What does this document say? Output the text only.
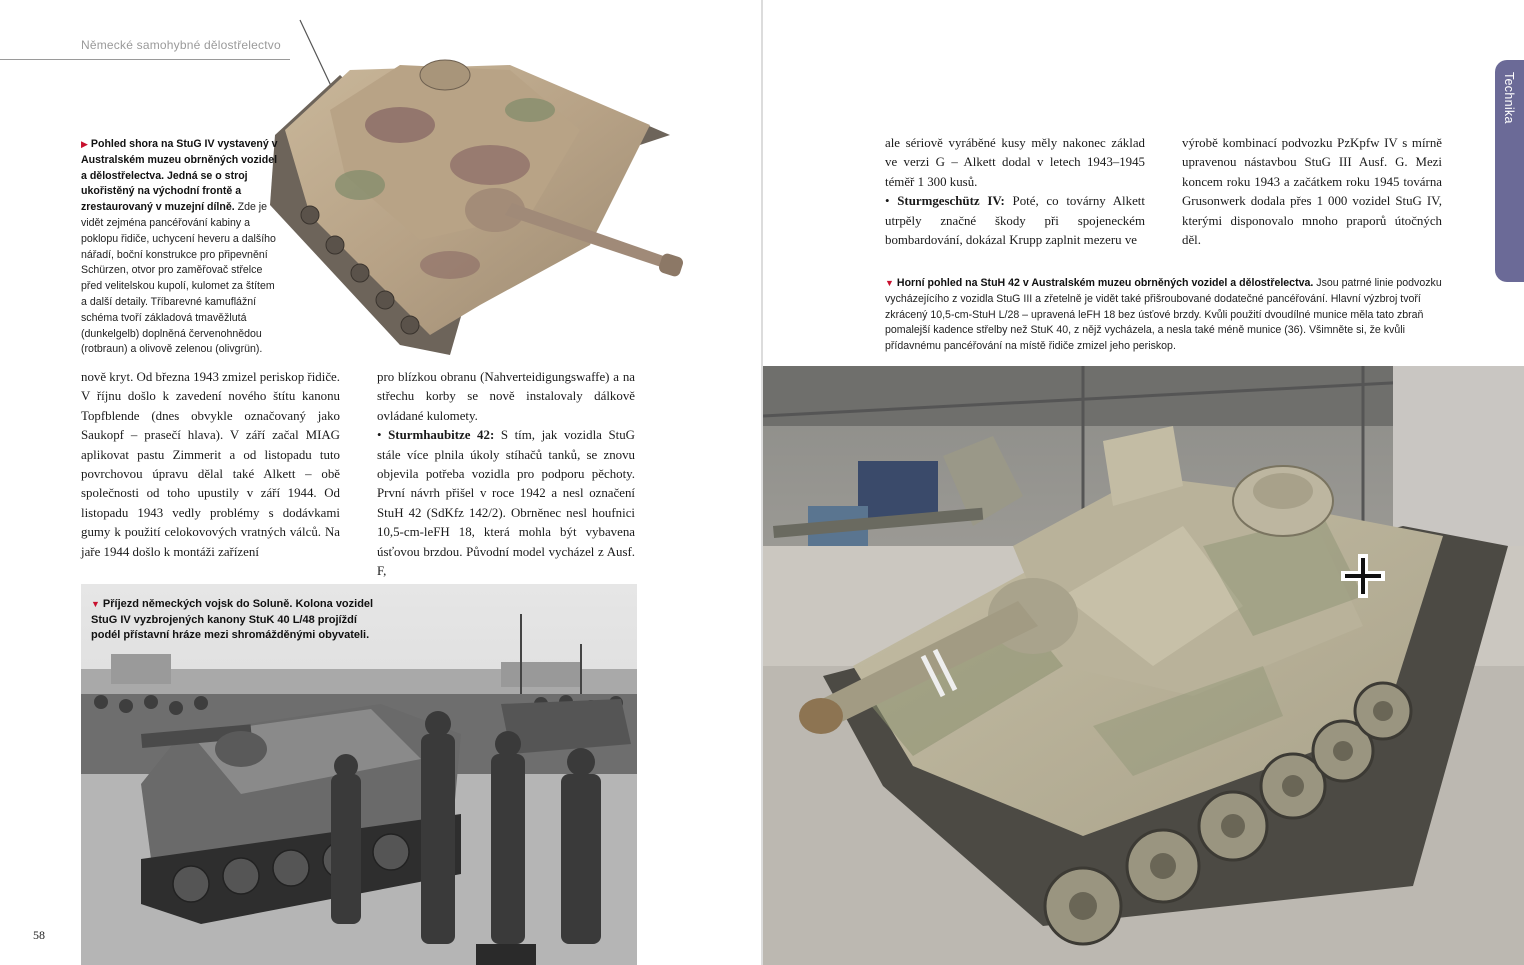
Německé samohybné dělostřelectvo
▶ Pohled shora na StuG IV vystavený v Australském muzeu obrněných vozidel a dělostřelectva. Jedná se o stroj ukořistěný na východní frontě a zrestaurovaný v muzejní dílně. Zde je vidět zejména pancéřování kabiny a poklopu řidiče, uchycení heveru a dalšího nářadí, boční konstrukce pro připevnění Schürzen, otvor pro zaměřovač střelce před velitelskou kupolí, kulomet za štítem a další detaily. Tříbarevné kamuflážní schéma tvoří základová tmavěžlutá (dunkelgelb) doplněná červenohnědou (rotbraun) a olivově zelenou (olivgrün).

nově kryt. Od března 1943 zmizel periskop řidiče. V říjnu došlo k zavedení nového štítu kanonu Topfblende (dnes obvykle označovaný jako Saukopf – prasečí hlava). V září začal MIAG aplikovat pastu Zimmerit a od listopadu tuto povrchovou úpravu dělal také Alkett – obě společnosti od toho upustily v září 1944. Od listopadu 1943 vedly problémy s dodávkami gumy k použití celokovových vratných válců. Na jaře 1944 došlo k montáži zařízení

pro blízkou obranu (Nahverteidigungswaffe) a na střechu korby se nově instalovaly dálkově ovládané kulomety.

• Sturmhaubitze 42: S tím, jak vozidla StuG stále více plnila úkoly stíhačů tanků, se znovu objevila potřeba vozidla pro podporu pěchoty. První návrh přišel v roce 1942 a nesl označení StuH 42 (SdKfz 142/2). Obrněnec nesl houfnici 10,5-cm-leFH 18, která mohla být vybavena úsťovou brzdou. Původní model vycházel z Ausf. F,

▼ Příjezd německých vojsk do Soluně. Kolona vozidel StuG IV vyzbrojených kanony StuK 40 L/48 projíždí podél přístavní hráze mezi shromážděnými obyvateli.
58
Technika

ale sériově vyráběné kusy měly nakonec základ ve verzi G – Alkett dodal v letech 1943–1945 téměř 1 300 kusů.

• Sturmgeschütz IV: Poté, co továrny Alkett utrpěly značné škody při spojeneckém bombardování, dokázal Krupp zaplnit mezeru ve

výrobě kombinací podvozku PzKpfw IV s mírně upravenou nástavbou StuG III Ausf. G. Mezi koncem roku 1943 a začátkem roku 1945 továrna Grusonwerk dodala přes 1 000 vozidel StuG IV, kterými disponovalo mnoho praporů útočných děl.

▼ Horní pohled na StuH 42 v Australském muzeu obrněných vozidel a dělostřelectva. Jsou patrné linie podvozku vycházejícího z vozidla StuG III a zřetelně je vidět také přišroubované dodatečné pancéřování. Hlavní výzbroj tvoří zkrácený 10,5-cm-StuH L/28 – upravená leFH 18 bez úsťové brzdy. Kvůli použití dvoudílné munice měla tato zbraň pomalejší kadence střelby než StuK 40, z nějž vycházela, a nesla také méně munice (36). Všimněte si, že kvůli přídavnému pancéřování na místě řidiče zmizel jeho periskop.
